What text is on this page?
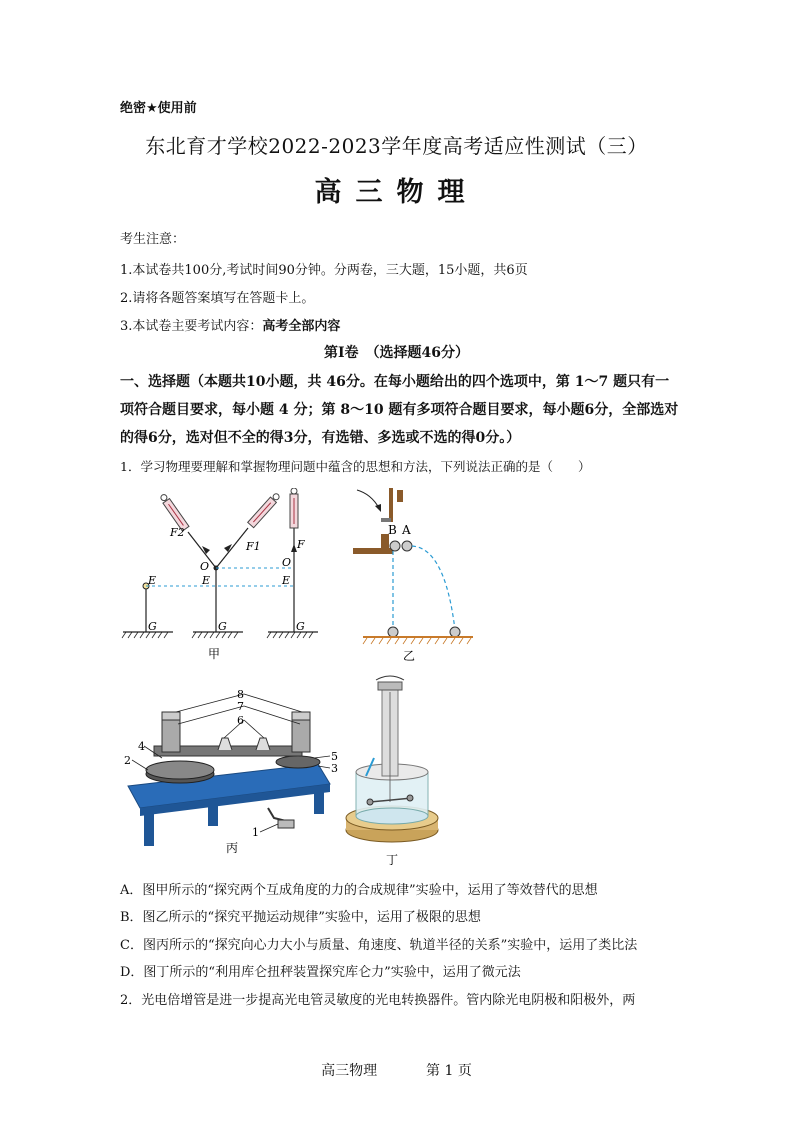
绝密★使用前
东北育才学校2022-2023学年度高考适应性测试（三）
高三物理
考生注意：
1.本试卷共100分,考试时间90分钟。分两卷，三大题，15小题，共6页
2.请将各题答案填写在答题卡上。
3.本试卷主要考试内容：高考全部内容
第Ⅰ卷　（选择题46分）
一、选择题（本题共10小题，共 46分。在每小题给出的四个选项中，第 1～7 题只有一项符合题目要求，每小题 4 分；第 8～10 题有多项符合题目要求，每小题6分，全部选对的得6分，选对但不全的得3分，有选错、多选或不选的得0分。）
1．学习物理要理解和掌握物理问题中蕴含的思想和方法，下列说法正确的是（　　）
F2
F1	F
O	O
E	E	E
G	G	G
甲
B A
乙
8
7
6
4
2	5
3
1
丙
丁
A．图甲所示的“探究两个互成角度的力的合成规律”实验中，运用了等效替代的思想
B．图乙所示的“探究平抛运动规律”实验中，运用了极限的思想
C．图丙所示的“探究向心力大小与质量、角速度、轨道半径的关系”实验中，运用了类比法
D．图丁所示的“利用库仑扭秤装置探究库仑力”实验中，运用了微元法
2．光电倍增管是进一步提高光电管灵敏度的光电转换器件。管内除光电阴极和阳极外，两
高三物理	第 1 页
